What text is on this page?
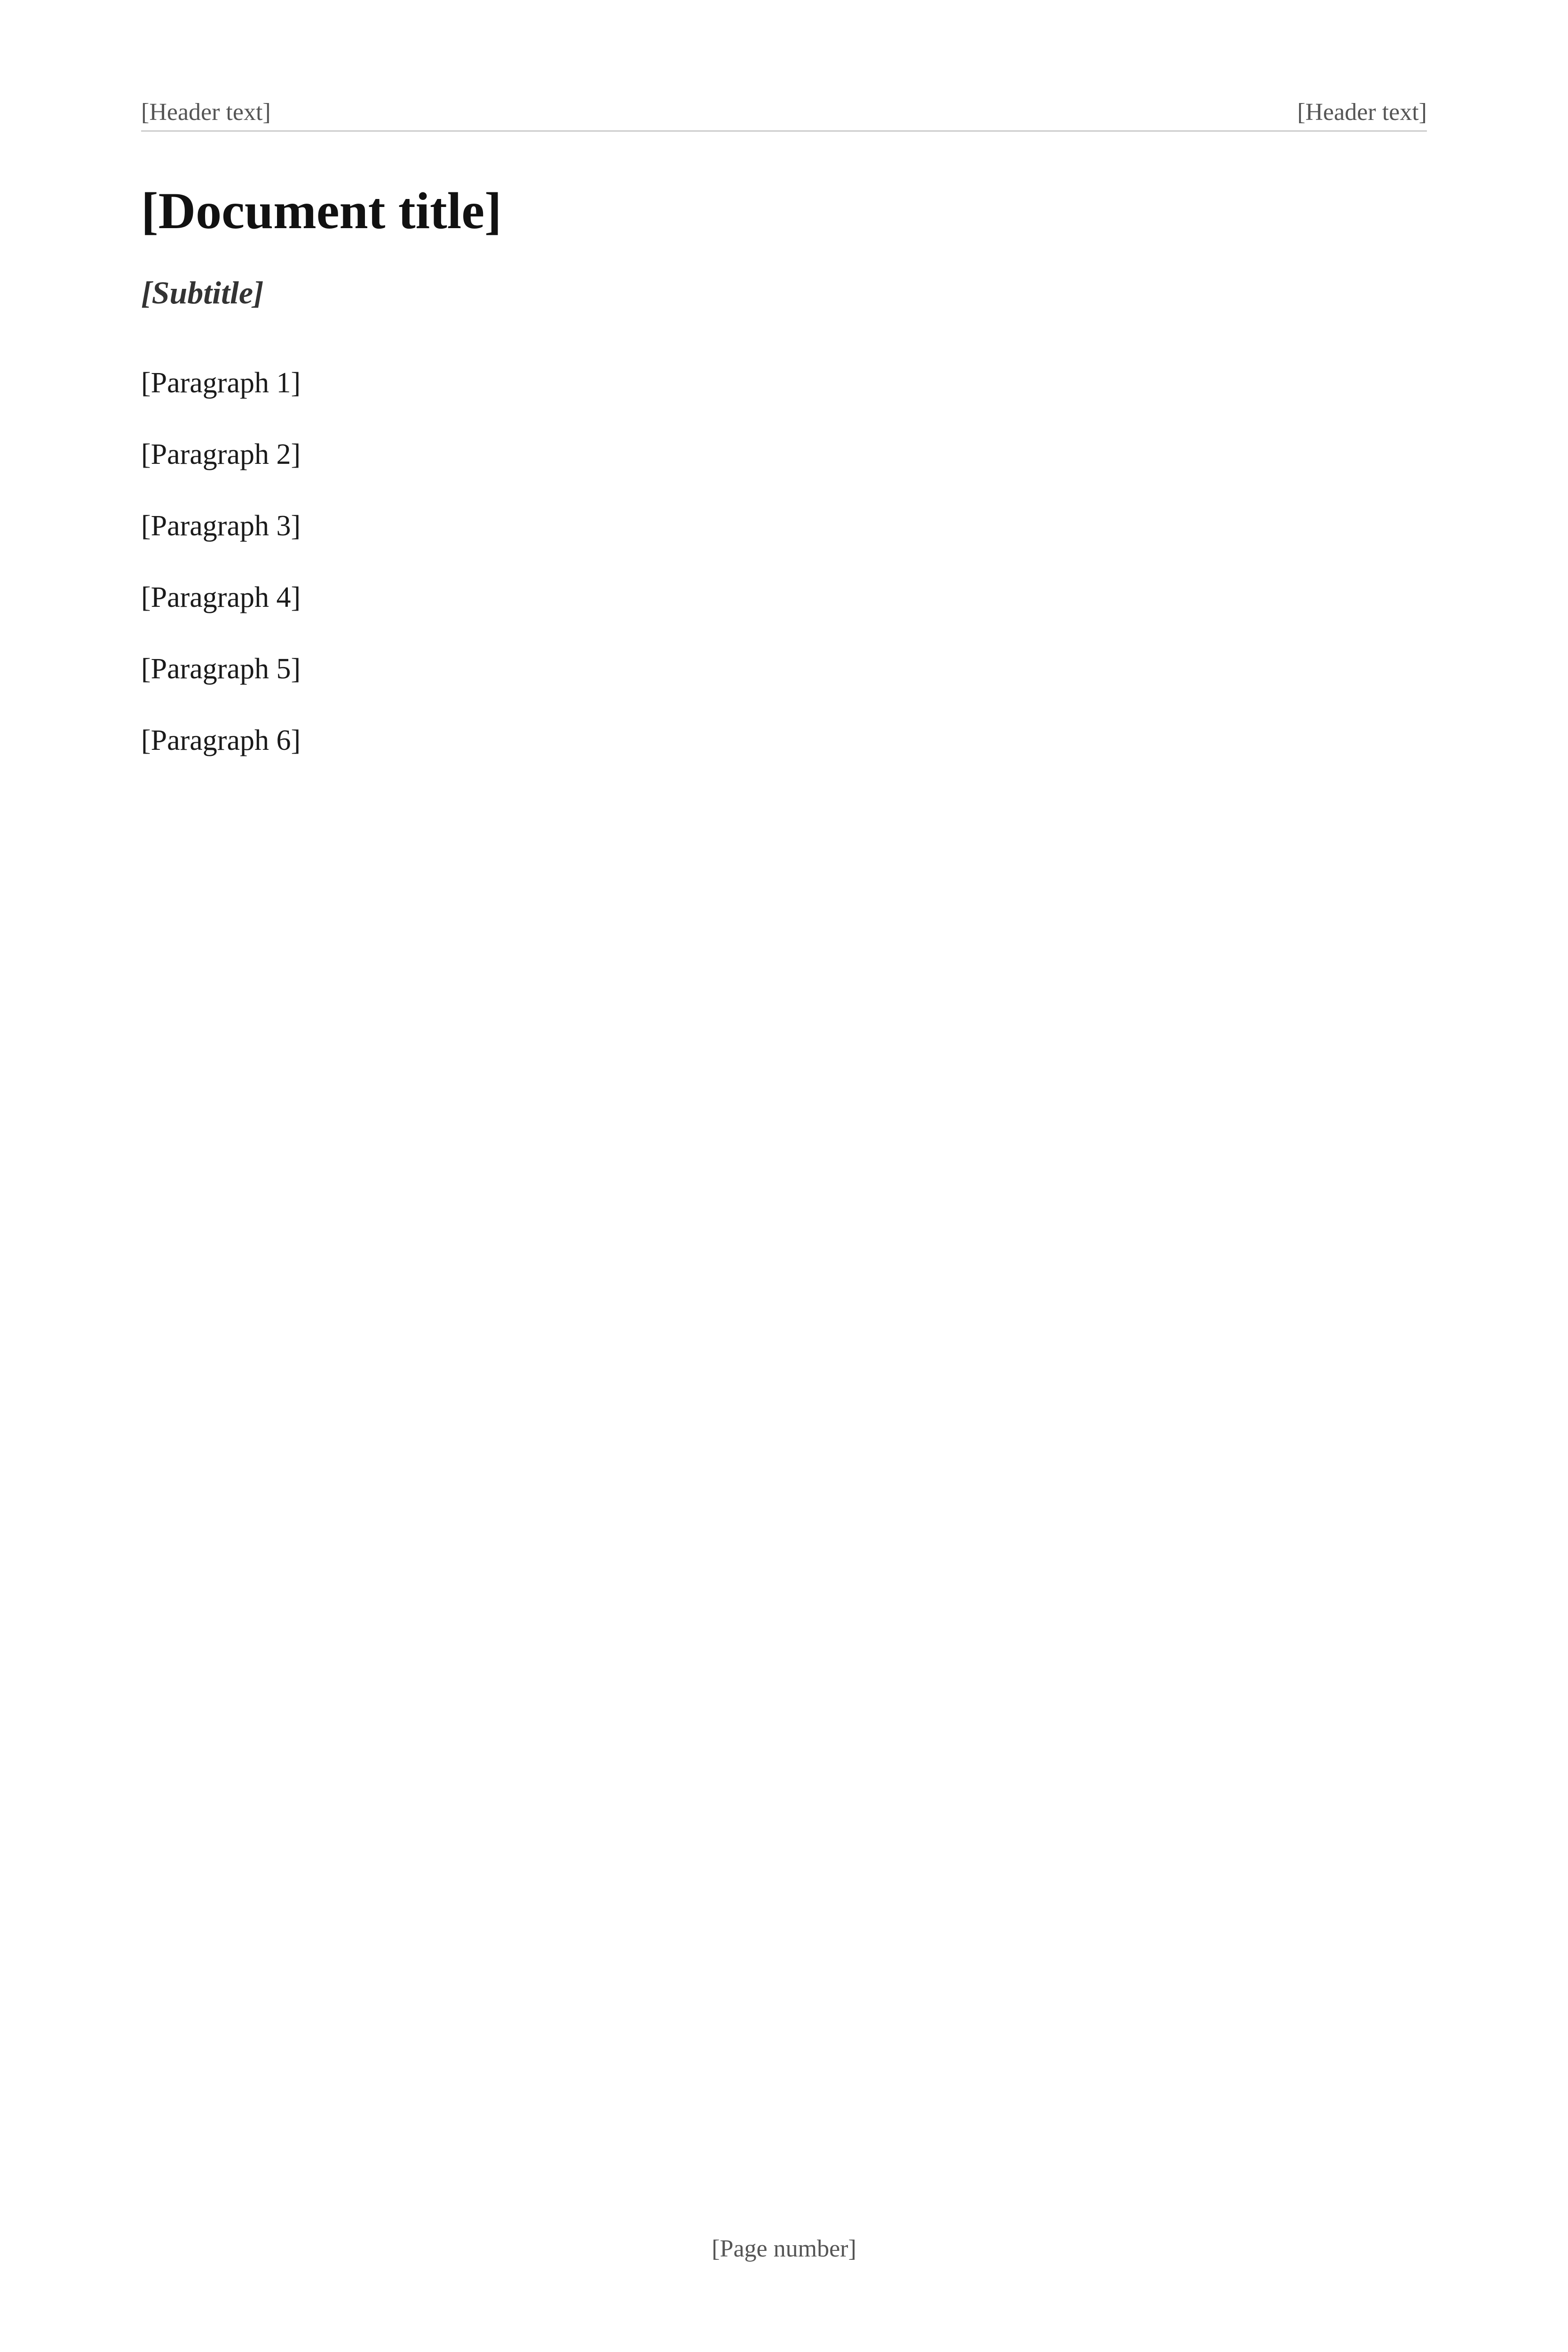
[Header text]	[Header text]
[Document title]
[Subtitle]

[Paragraph 1]

[Paragraph 2]

[Paragraph 3]

[Paragraph 4]

[Paragraph 5]

[Paragraph 6]

[Page number]
